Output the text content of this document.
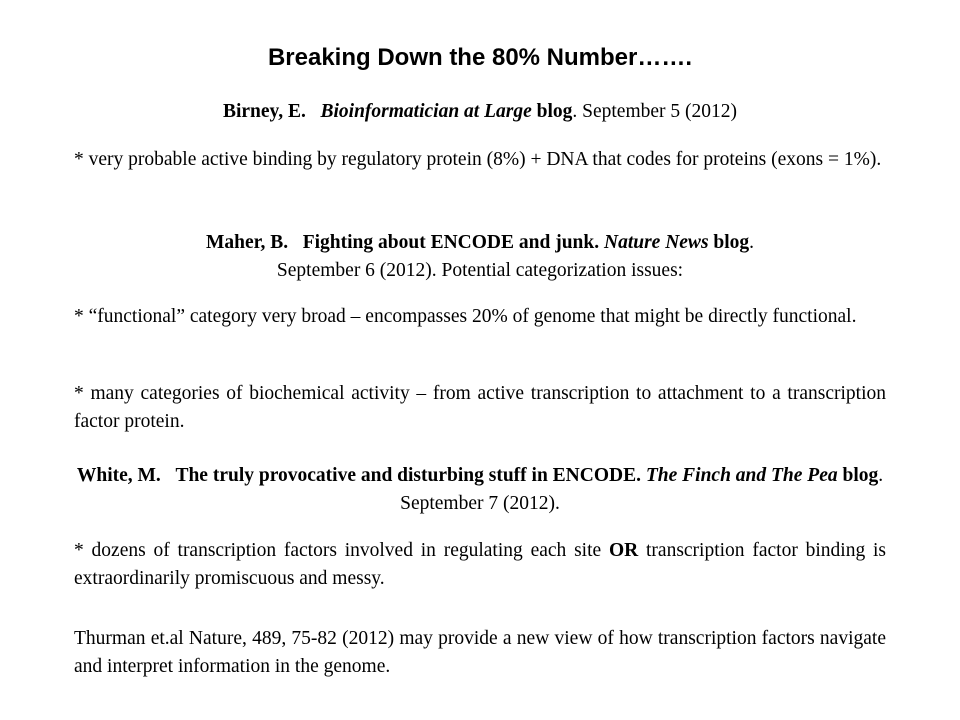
Breaking Down the 80% Number…….
Birney, E. Bioinformatician at Large blog. September 5 (2012)
* very probable active binding by regulatory protein (8%) + DNA that codes for proteins (exons = 1%).
Maher, B. Fighting about ENCODE and junk. Nature News blog.
September 6 (2012). Potential categorization issues:
* “functional” category very broad – encompasses 20% of genome that might be directly functional.
* many categories of biochemical activity – from active transcription to attachment to a transcription factor protein.
White, M. The truly provocative and disturbing stuff in ENCODE. The Finch and The Pea blog. September 7 (2012).
* dozens of transcription factors involved in regulating each site OR transcription factor binding is extraordinarily promiscuous and messy.
Thurman et.al Nature, 489, 75-82 (2012) may provide a new view of how transcription factors navigate and interpret information in the genome.
